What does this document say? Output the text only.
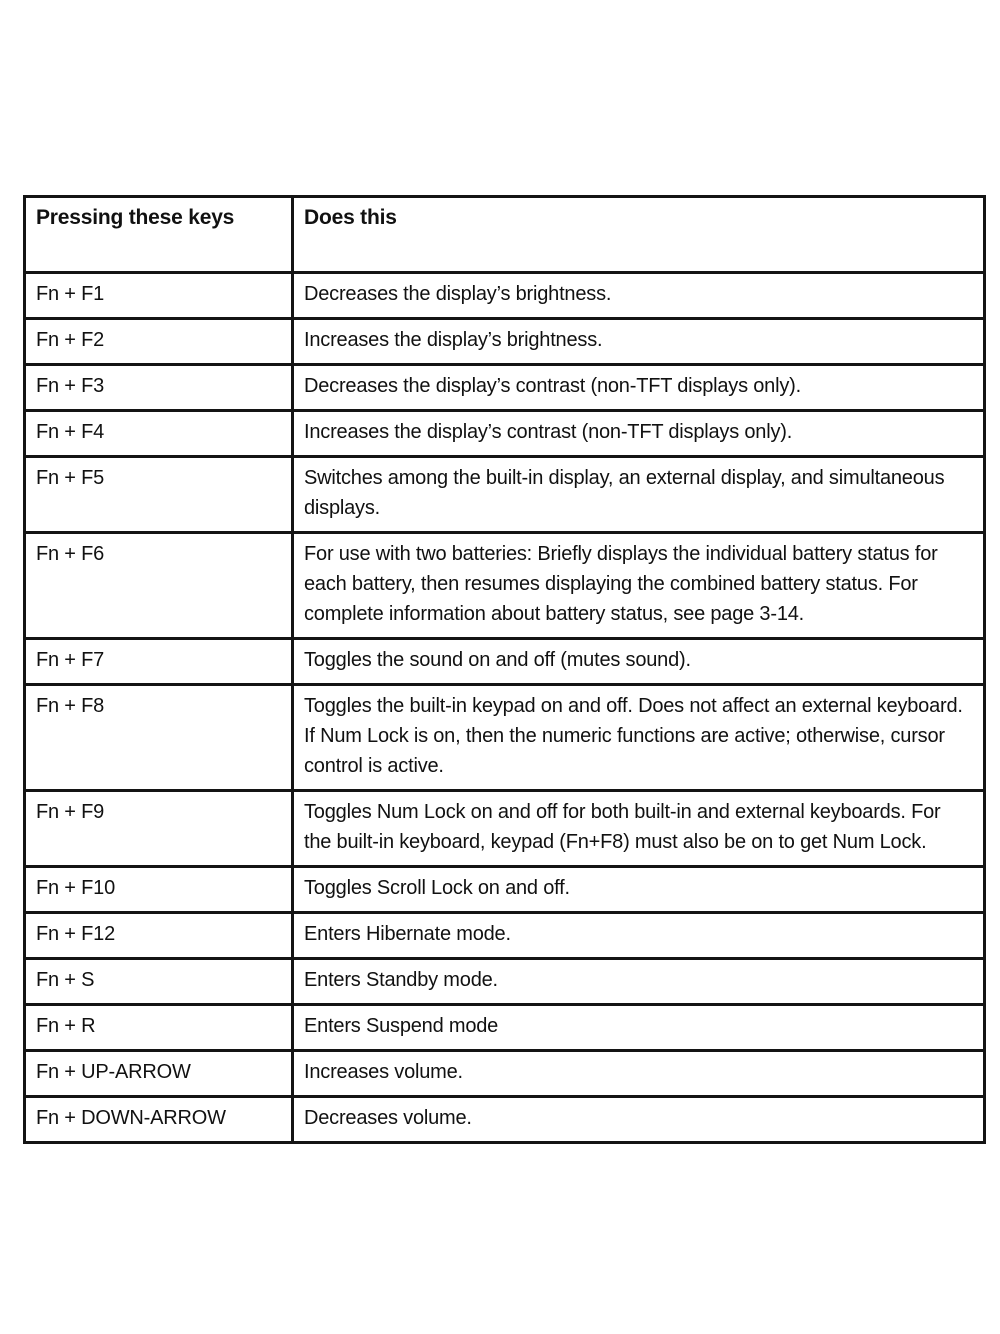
Pressing these keys	Does this
Fn + F1	Decreases the display’s brightness.
Fn + F2	Increases the display’s brightness.
Fn + F3	Decreases the display’s contrast (non-TFT displays only).
Fn + F4	Increases the display’s contrast (non-TFT displays only).
Fn + F5	Switches among the built-in display, an external display, and simultaneous displays.
Fn + F6	For use with two batteries: Briefly displays the individual battery status for each battery, then resumes displaying the combined battery status. For complete information about battery status, see page 3-14.
Fn + F7	Toggles the sound on and off (mutes sound).
Fn + F8	Toggles the built-in keypad on and off. Does not affect an external keyboard. If Num Lock is on, then the numeric functions are active; otherwise, cursor control is active.
Fn + F9	Toggles Num Lock on and off for both built-in and external keyboards. For the built-in keyboard, keypad (Fn+F8) must also be on to get Num Lock.
Fn + F10	Toggles Scroll Lock on and off.
Fn + F12	Enters Hibernate mode.
Fn + S	Enters Standby mode.
Fn + R	Enters Suspend mode
Fn + UP-ARROW	Increases volume.
Fn + DOWN-ARROW	Decreases volume.
